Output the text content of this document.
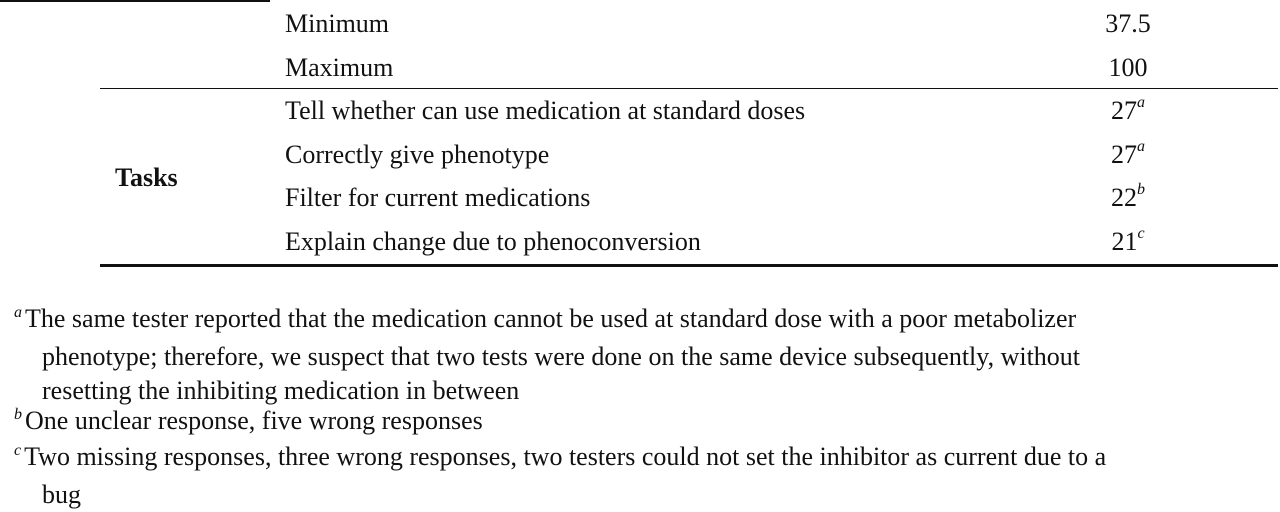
Minimum	37.5
Maximum	100
Tasks
Tell whether can use medication at standard doses	27$^a$
Correctly give phenotype	27$^a$
Filter for current medications	22$^b$
Explain change due to phenoconversion	21$^c$
$^a$ The same tester reported that the medication cannot be used at standard dose with a poor metabolizer
phenotype; therefore, we suspect that two tests were done on the same device subsequently, without
resetting the inhibiting medication in between
$^b$ One unclear response, five wrong responses
$^c$ Two missing responses, three wrong responses, two testers could not set the inhibitor as current due to a
bug
